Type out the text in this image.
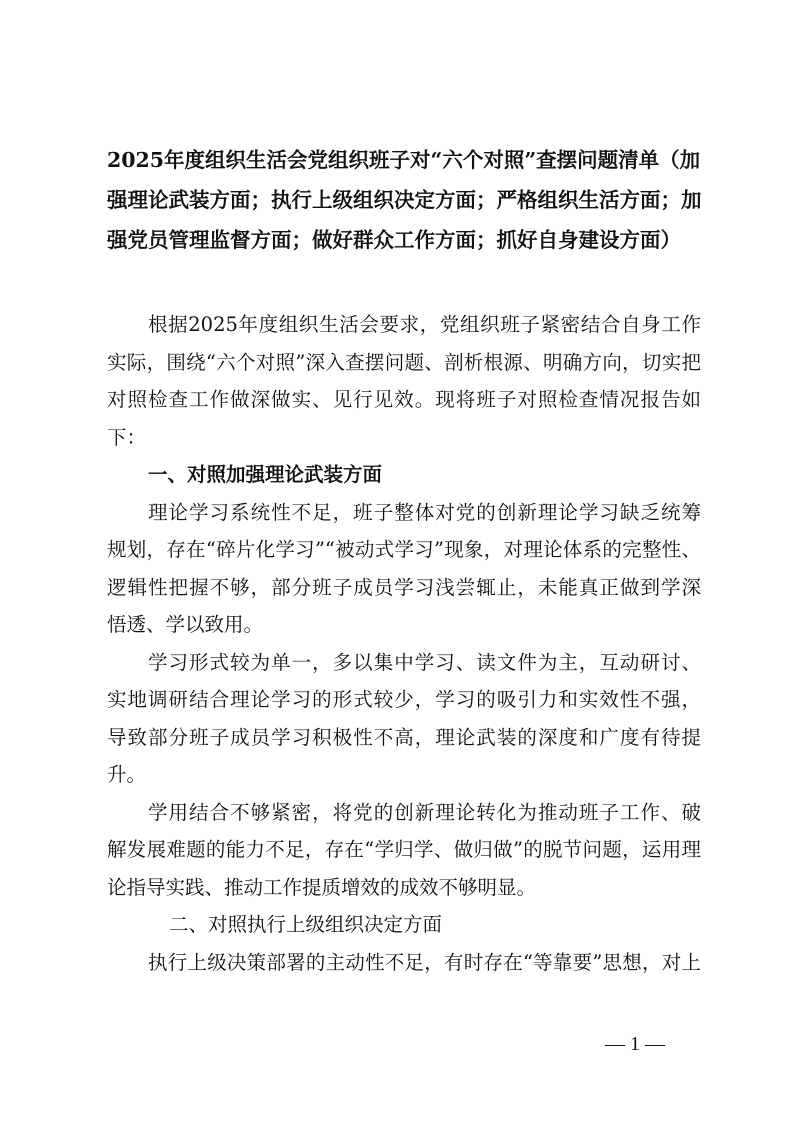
2025年度组织生活会党组织班子对“六个对照”查摆问题清单（加
强理论武装方面；执行上级组织决定方面；严格组织生活方面；加
强党员管理监督方面；做好群众工作方面；抓好自身建设方面）
根据2025年度组织生活会要求，党组织班子紧密结合自身工作
实际，围绕“六个对照”深入查摆问题、剖析根源、明确方向，切实把
对照检查工作做深做实、见行见效。现将班子对照检查情况报告如
下：
一、对照加强理论武装方面
理论学习系统性不足，班子整体对党的创新理论学习缺乏统筹
规划，存在“碎片化学习”“被动式学习”现象，对理论体系的完整性、
逻辑性把握不够，部分班子成员学习浅尝辄止，未能真正做到学深
悟透、学以致用。
学习形式较为单一，多以集中学习、读文件为主，互动研讨、
实地调研结合理论学习的形式较少，学习的吸引力和实效性不强，
导致部分班子成员学习积极性不高，理论武装的深度和广度有待提
升。
学用结合不够紧密，将党的创新理论转化为推动班子工作、破
解发展难题的能力不足，存在“学归学、做归做”的脱节问题，运用理
论指导实践、推动工作提质增效的成效不够明显。
二、对照执行上级组织决定方面
执行上级决策部署的主动性不足，有时存在“等靠要”思想，对上
— 1 —
